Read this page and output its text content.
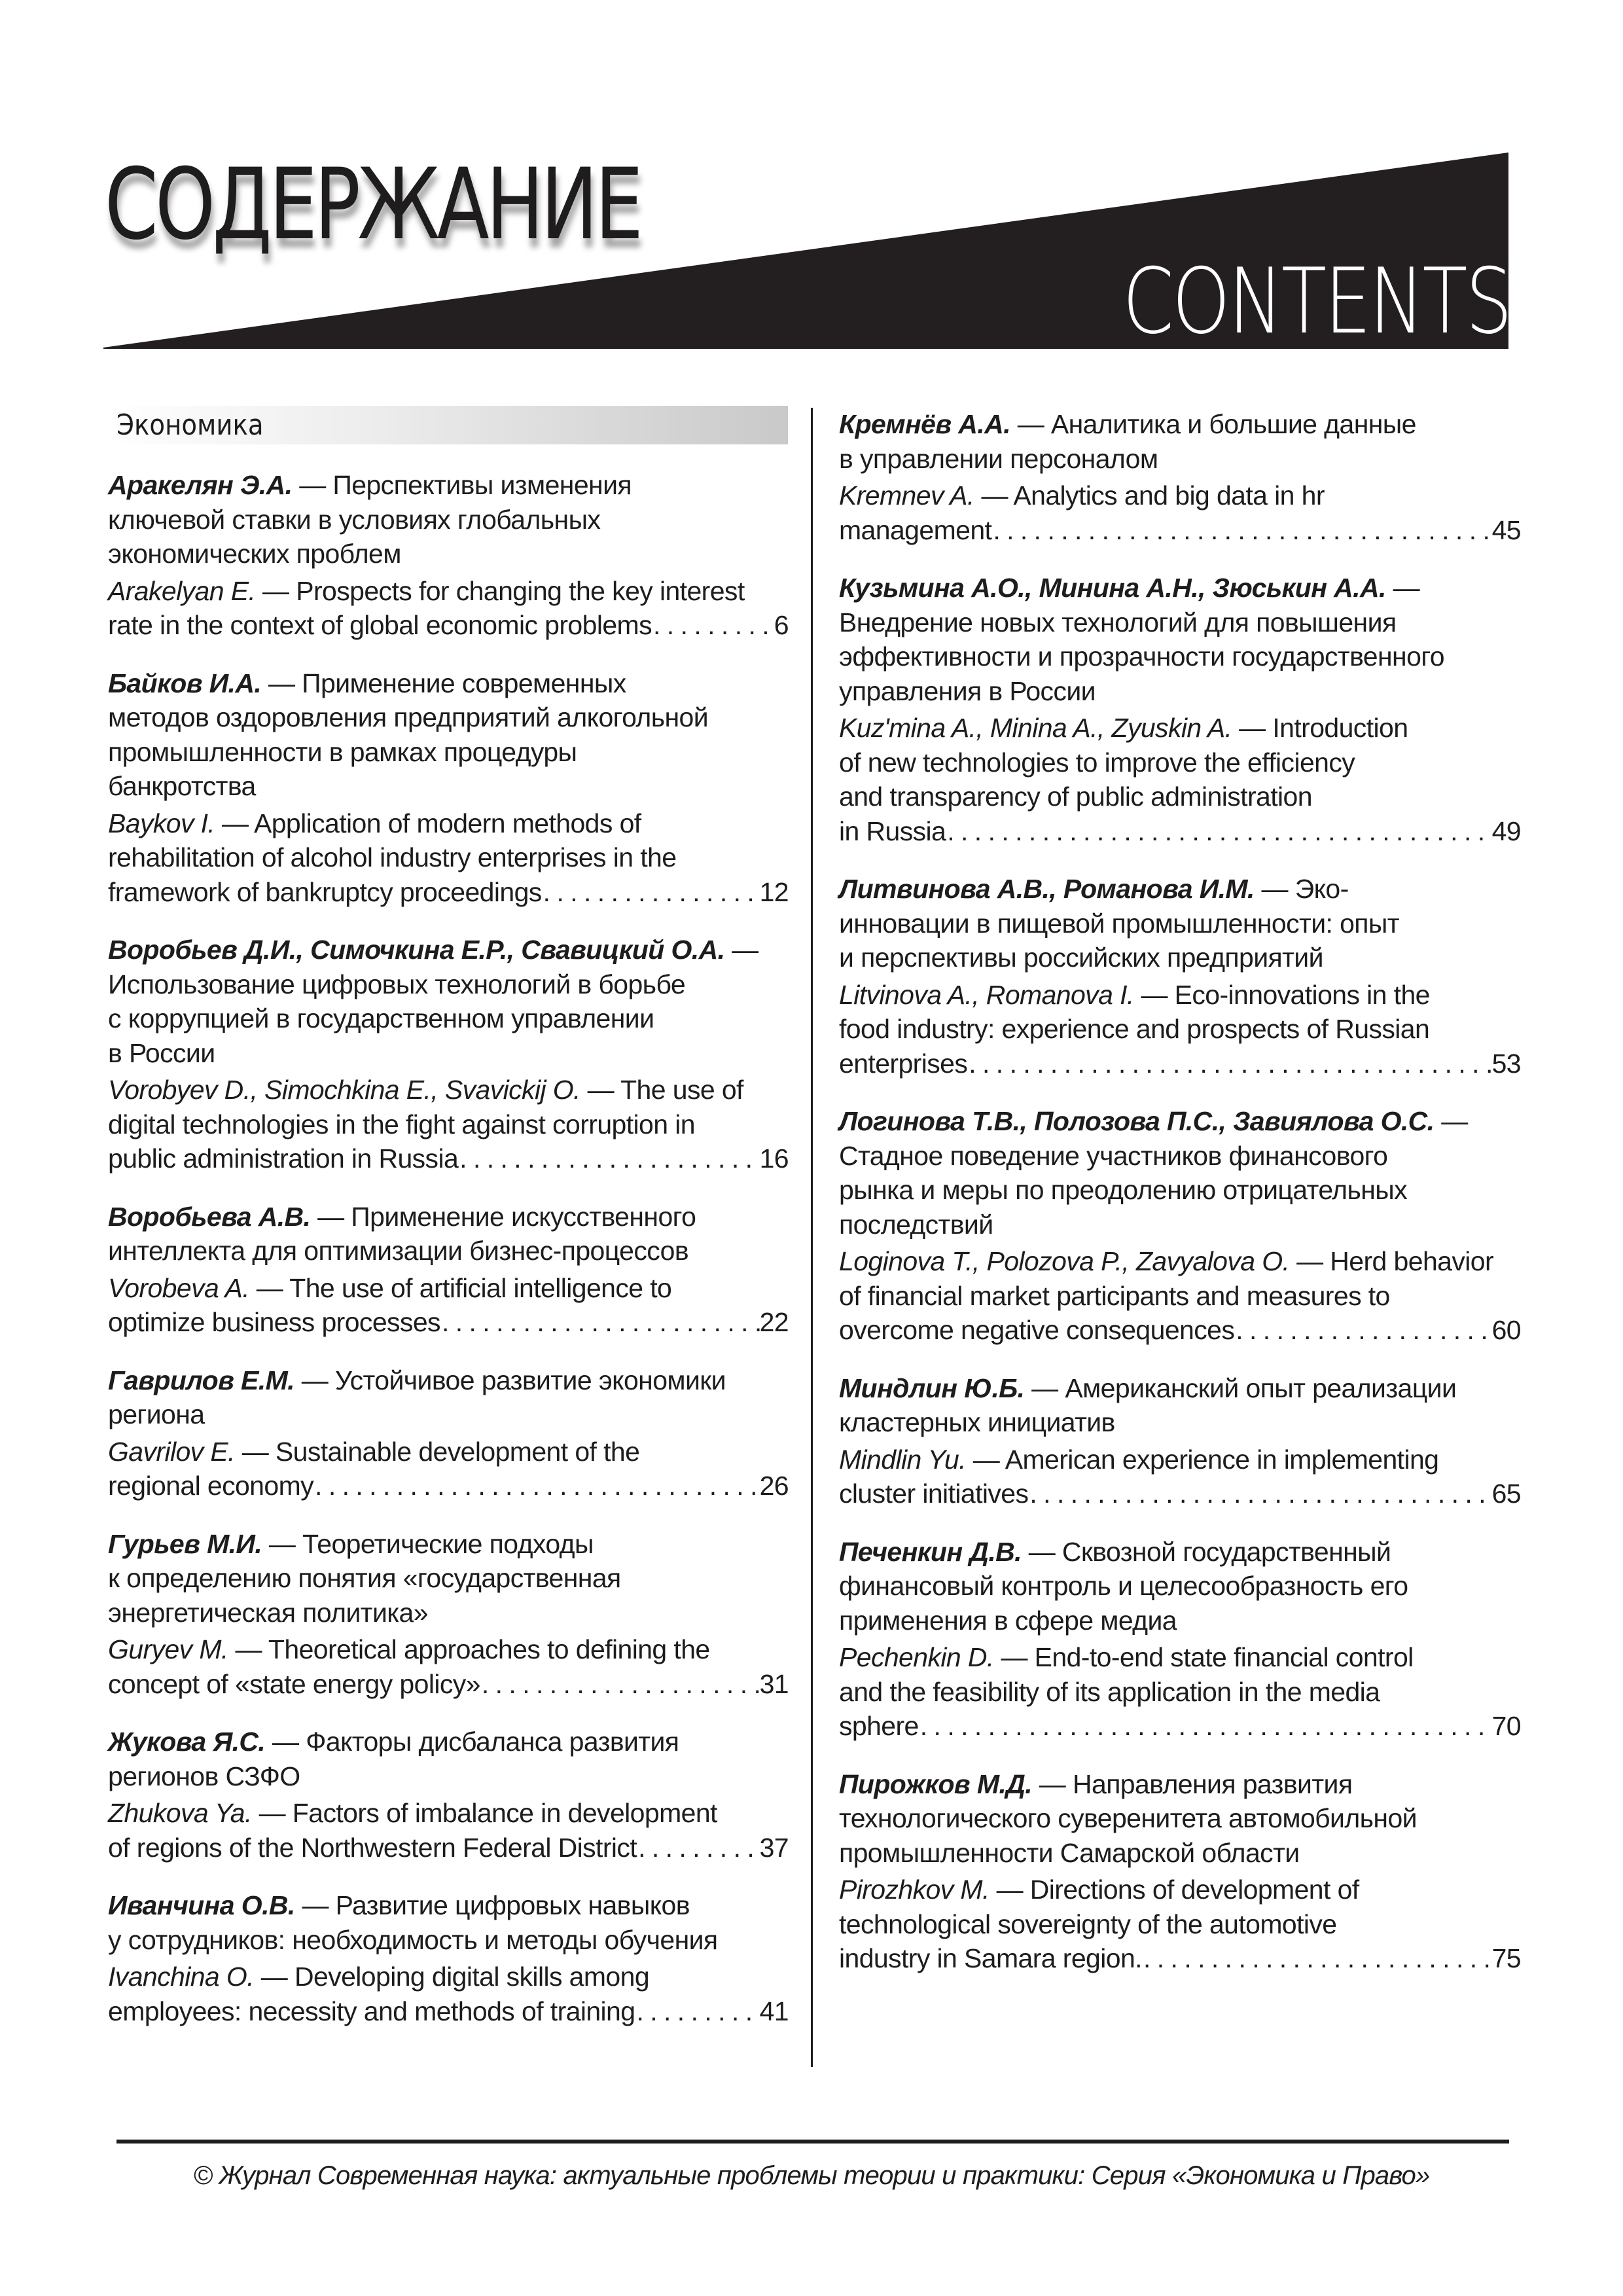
СОДЕРЖАНИЕ
CONTENTS
Экономика
Аракелян Э.А. — Перспективы изменения
ключевой ставки в условиях глобальных
экономических проблем
Arakelyan E. — Prospects for changing the key interest
rate in the context of global economic problems . . .	6
Байков И.А. — Применение современных
методов оздоровления предприятий алкогольной
промышленности в рамках процедуры
банкротства
Baykov I. — Application of modern methods of
rehabilitation of alcohol industry enterprises in the
framework of bankruptcy proceedings . . .	12
Воробьев Д.И., Симочкина Е.Р., Свавицкий О.А. —
Использование цифровых технологий в борьбе
с коррупцией в государственном управлении
в России
Vorobyev D., Simochkina E., Svavickij O. — The use of
digital technologies in the fight against corruption in
public administration in Russia . . .	16
Воробьева А.В. — Применение искусственного
интеллекта для оптимизации бизнес-процессов
Vorobeva A. — The use of artificial intelligence to
optimize business processes . . .	22
Гаврилов Е.М. — Устойчивое развитие экономики
региона
Gavrilov E. — Sustainable development of the
regional economy . . .	26
Гурьев М.И. — Теоретические подходы
к определению понятия «государственная
энергетическая политика»
Guryev M. — Theoretical approaches to defining the
concept of «state energy policy» . . .	31
Жукова Я.С. — Факторы дисбаланса развития
регионов СЗФО
Zhukova Ya. — Factors of imbalance in development
of regions of the Northwestern Federal District . . .	37
Иванчина О.В. — Развитие цифровых навыков
у сотрудников: необходимость и методы обучения
Ivanchina O. — Developing digital skills among
employees: necessity and methods of training . . .	41
Кремнёв А.А. — Аналитика и большие данные
в управлении персоналом
Kremnev A. — Analytics and big data in hr
management . . .	45
Кузьмина А.О., Минина А.Н., Зюськин А.А. —
Внедрение новых технологий для повышения
эффективности и прозрачности государственного
управления в России
Kuz'mina A., Minina A., Zyuskin A. — Introduction
of new technologies to improve the efficiency
and transparency of public administration
in Russia . . .	49
Литвинова А.В., Романова И.М. — Эко-
инновации в пищевой промышленности: опыт
и перспективы российских предприятий
Litvinova A., Romanova I. — Eco-innovations in the
food industry: experience and prospects of Russian
enterprises . . .	53
Логинова Т.В., Полозова П.С., Завиялова О.С. —
Стадное поведение участников финансового
рынка и меры по преодолению отрицательных
последствий
Loginova T., Polozova P., Zavyalova O. — Herd behavior
of financial market participants and measures to
overcome negative consequences . . .	60
Миндлин Ю.Б. — Американский опыт реализации
кластерных инициатив
Mindlin Yu. — American experience in implementing
cluster initiatives . . .	65
Печенкин Д.В. — Сквозной государственный
финансовый контроль и целесообразность его
применения в сфере медиа
Pechenkin D. — End-to-end state financial control
and the feasibility of its application in the media
sphere . . .	70
Пирожков М.Д. — Направления развития
технологического суверенитета автомобильной
промышленности Самарской области
Pirozhkov M. — Directions of development of
technological sovereignty of the automotive
industry in Samara region. . . .	75
© Журнал Современная наука: актуальные проблемы теории и практики: Серия «Экономика и Право»
